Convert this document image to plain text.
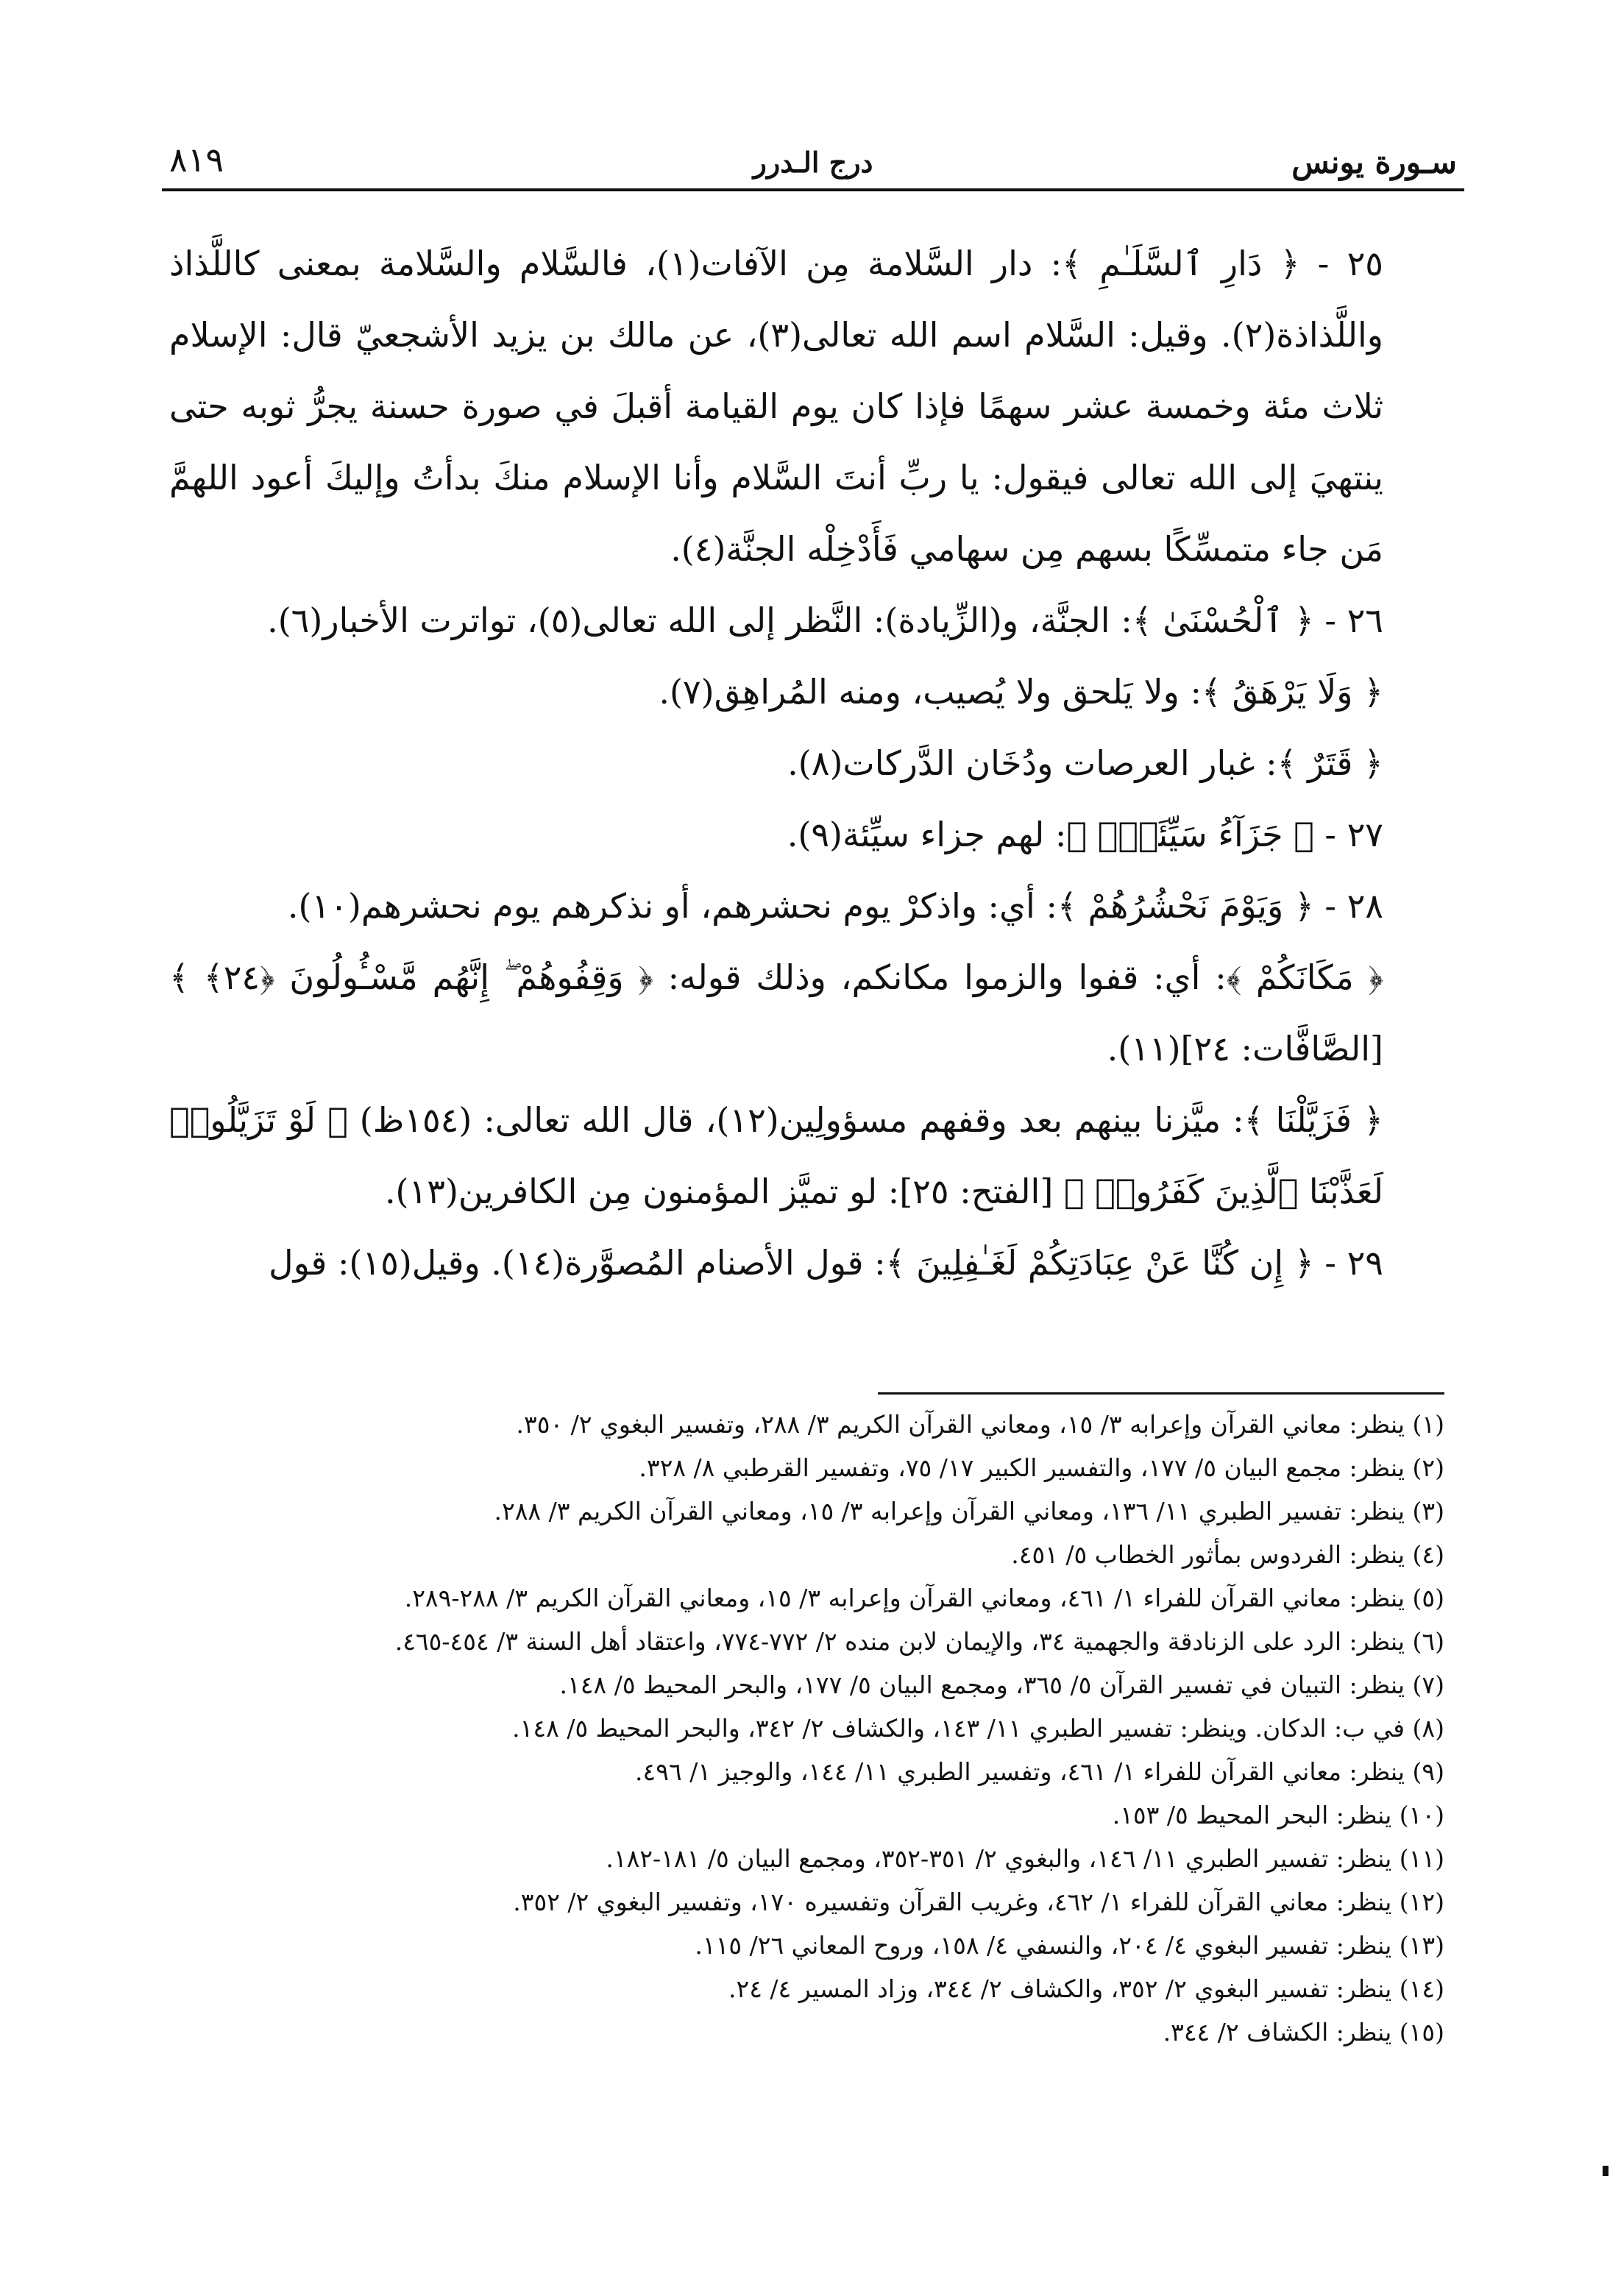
سـورة يونس
درج الـدرر
٨١٩

٢٥ - ﴿ دَارِ ٱلسَّلَـٰمِ ﴾: دار السَّلامة مِن الآفات(١)، فالسَّلام والسَّلامة بمعنى كاللَّذاذ واللَّذاذة(٢). وقيل: السَّلام اسم الله تعالى(٣)، عن مالك بن يزيد الأشجعيّ قال: الإسلام ثلاث مئة وخمسة عشر سهمًا فإذا كان يوم القيامة أقبلَ في صورة حسنة يجرُّ ثوبه حتى ينتهيَ إلى الله تعالى فيقول: يا ربِّ أنتَ السَّلام وأنا الإسلام منكَ بدأتُ وإليكَ أعود اللهمَّ مَن جاء متمسِّكًا بسهم مِن سهامي فَأَدْخِلْه الجنَّة(٤).

٢٦ - ﴿ ٱلْحُسْنَىٰ ﴾: الجنَّة، و(الزِّيادة): النَّظر إلى الله تعالى(٥)، تواترت الأخبار(٦).

﴿ وَلَا يَرْهَقُ ﴾: ولا يَلحق ولا يُصيب، ومنه المُراهِق(٧).

﴿ قَتَرٌ ﴾: غبار العرصات ودُخَان الدَّركات(٨).

٢٧ - ﴿ جَزَآءُ سَيِّئَةٍۭ ﴾: لهم جزاء سيِّئة(٩).

٢٨ - ﴿ وَيَوْمَ نَحْشُرُهُمْ ﴾: أي: واذكرْ يوم نحشرهم، أو نذكرهم يوم نحشرهم(١٠).

﴿ مَكَانَكُمْ ﴾: أي: قفوا والزموا مكانكم، وذلك قوله: ﴿ وَقِفُوهُمْ ۖ إِنَّهُم مَّسْـُٔولُونَ ﴿٢٤﴾ ﴾ [الصَّافَّات: ٢٤](١١).

﴿ فَزَيَّلْنَا ﴾: ميَّزنا بينهم بعد وقفهم مسؤولِين(١٢)، قال الله تعالى: (١٥٤ظ) ﴿ لَوْ تَزَيَّلُوا۟ لَعَذَّبْنَا ٱلَّذِينَ كَفَرُوا۟ ﴾ [الفتح: ٢٥]: لو تميَّز المؤمنون مِن الكافرين(١٣).

٢٩ - ﴿ إِن كُنَّا عَنْ عِبَادَتِكُمْ لَغَـٰفِلِينَ ﴾: قول الأصنام المُصوَّرة(١٤). وقيل(١٥): قول

(١) ينظر: معاني القرآن وإعرابه ٣/ ١٥، ومعاني القرآن الكريم ٣/ ٢٨٨، وتفسير البغوي ٢/ ٣٥٠.
(٢) ينظر: مجمع البيان ٥/ ١٧٧، والتفسير الكبير ١٧/ ٧٥، وتفسير القرطبي ٨/ ٣٢٨.
(٣) ينظر: تفسير الطبري ١١/ ١٣٦، ومعاني القرآن وإعرابه ٣/ ١٥، ومعاني القرآن الكريم ٣/ ٢٨٨.
(٤) ينظر: الفردوس بمأثور الخطاب ٥/ ٤٥١.
(٥) ينظر: معاني القرآن للفراء ١/ ٤٦١، ومعاني القرآن وإعرابه ٣/ ١٥، ومعاني القرآن الكريم ٣/ ٢٨٨-٢٨٩.
(٦) ينظر: الرد على الزنادقة والجهمية ٣٤، والإيمان لابن منده ٢/ ٧٧٢-٧٧٤، واعتقاد أهل السنة ٣/ ٤٥٤-٤٦٥.
(٧) ينظر: التبيان في تفسير القرآن ٥/ ٣٦٥، ومجمع البيان ٥/ ١٧٧، والبحر المحيط ٥/ ١٤٨.
(٨) في ب: الدكان. وينظر: تفسير الطبري ١١/ ١٤٣، والكشاف ٢/ ٣٤٢، والبحر المحيط ٥/ ١٤٨.
(٩) ينظر: معاني القرآن للفراء ١/ ٤٦١، وتفسير الطبري ١١/ ١٤٤، والوجيز ١/ ٤٩٦.
(١٠) ينظر: البحر المحيط ٥/ ١٥٣.
(١١) ينظر: تفسير الطبري ١١/ ١٤٦، والبغوي ٢/ ٣٥١-٣٥٢، ومجمع البيان ٥/ ١٨١-١٨٢.
(١٢) ينظر: معاني القرآن للفراء ١/ ٤٦٢، وغريب القرآن وتفسيره ١٧٠، وتفسير البغوي ٢/ ٣٥٢.
(١٣) ينظر: تفسير البغوي ٤/ ٢٠٤، والنسفي ٤/ ١٥٨، وروح المعاني ٢٦/ ١١٥.
(١٤) ينظر: تفسير البغوي ٢/ ٣٥٢، والكشاف ٢/ ٣٤٤، وزاد المسير ٤/ ٢٤.
(١٥) ينظر: الكشاف ٢/ ٣٤٤.
